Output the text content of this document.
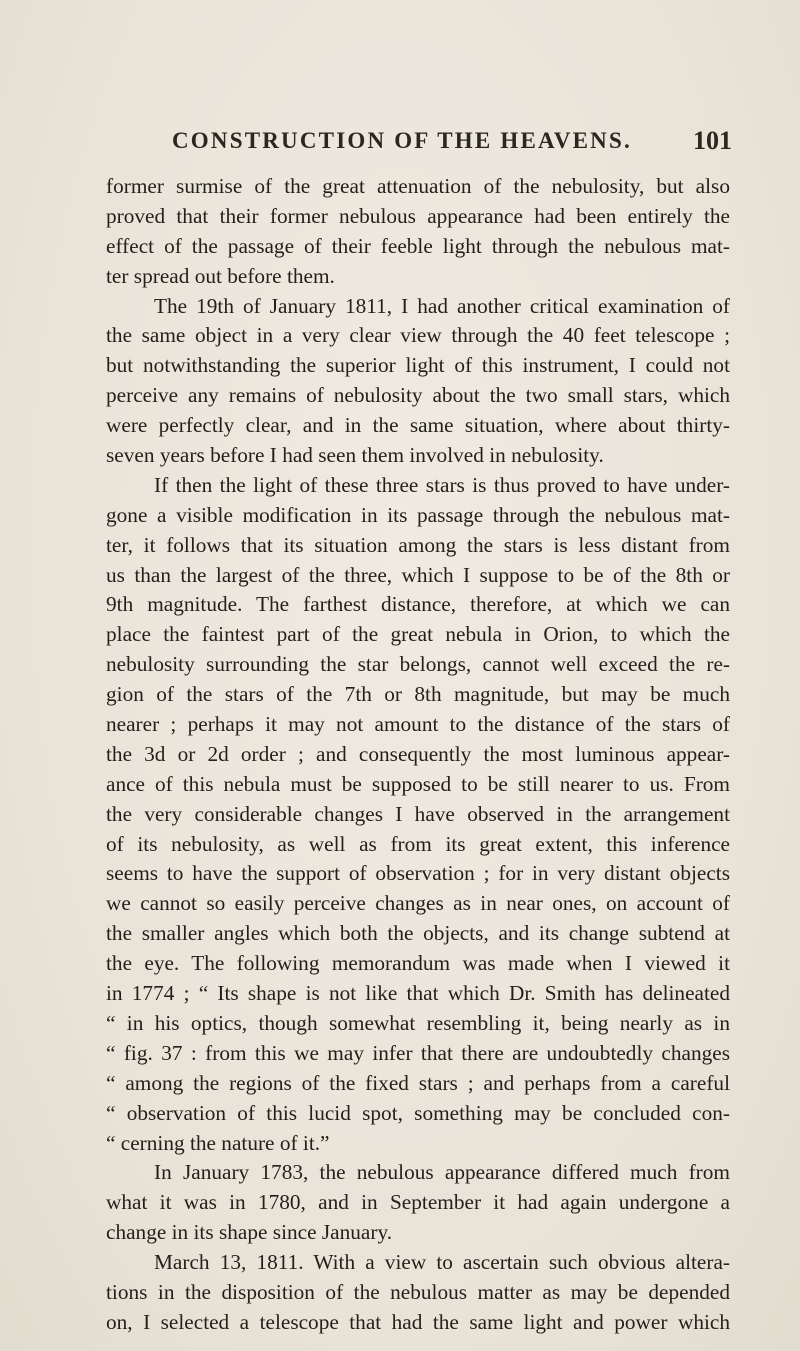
CONSTRUCTION OF THE HEAVENS. 101
former surmise of the great attenuation of the nebulosity, but also
proved that their former nebulous appearance had been entirely the
effect of the passage of their feeble light through the nebulous mat-
ter spread out before them.
The 19th of January 1811, I had another critical examination of
the same object in a very clear view through the 40 feet telescope ;
but notwithstanding the superior light of this instrument, I could not
perceive any remains of nebulosity about the two small stars, which
were perfectly clear, and in the same situation, where about thirty-
seven years before I had seen them involved in nebulosity.
If then the light of these three stars is thus proved to have under-
gone a visible modification in its passage through the nebulous mat-
ter, it follows that its situation among the stars is less distant from
us than the largest of the three, which I suppose to be of the 8th or
9th magnitude. The farthest distance, therefore, at which we can
place the faintest part of the great nebula in Orion, to which the
nebulosity surrounding the star belongs, cannot well exceed the re-
gion of the stars of the 7th or 8th magnitude, but may be much
nearer ; perhaps it may not amount to the distance of the stars of
the 3d or 2d order ; and consequently the most luminous appear-
ance of this nebula must be supposed to be still nearer to us. From
the very considerable changes I have observed in the arrangement
of its nebulosity, as well as from its great extent, this inference
seems to have the support of observation ; for in very distant objects
we cannot so easily perceive changes as in near ones, on account of
the smaller angles which both the objects, and its change subtend at
the eye. The following memorandum was made when I viewed it
in 1774 ; “ Its shape is not like that which Dr. Smith has delineated
“ in his optics, though somewhat resembling it, being nearly as in
“ fig. 37 : from this we may infer that there are undoubtedly changes
“ among the regions of the fixed stars ; and perhaps from a careful
“ observation of this lucid spot, something may be concluded con-
“ cerning the nature of it.”
In January 1783, the nebulous appearance differed much from
what it was in 1780, and in September it had again undergone a
change in its shape since January.
March 13, 1811. With a view to ascertain such obvious altera-
tions in the disposition of the nebulous matter as may be depended
on, I selected a telescope that had the same light and power which
